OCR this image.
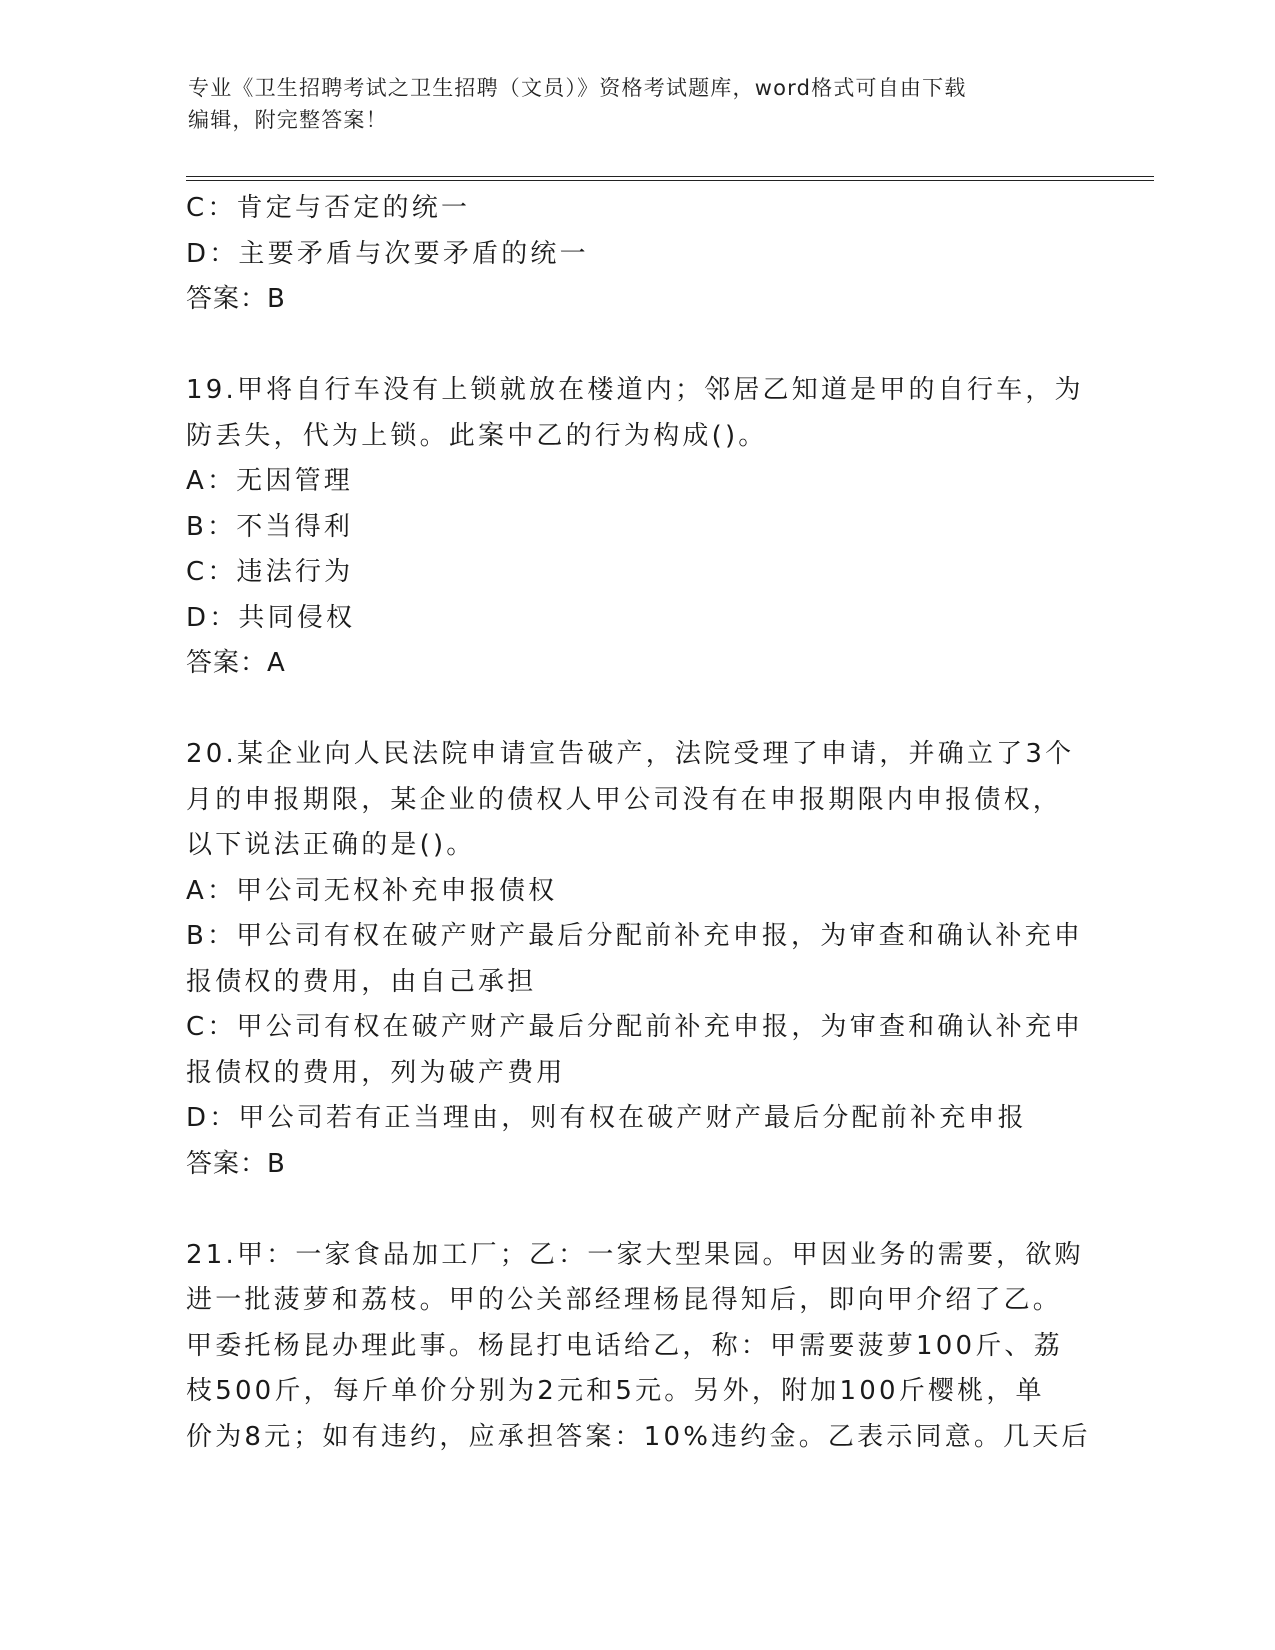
专业《卫生招聘考试之卫生招聘（文员）》资格考试题库，word格式可自由下载
编辑，附完整答案！
C：肯定与否定的统一
D：主要矛盾与次要矛盾的统一
答案：B
19.甲将自行车没有上锁就放在楼道内；邻居乙知道是甲的自行车，为
防丢失，代为上锁。此案中乙的行为构成()。
A：无因管理
B：不当得利
C：违法行为
D：共同侵权
答案：A
20.某企业向人民法院申请宣告破产，法院受理了申请，并确立了3个
月的申报期限，某企业的债权人甲公司没有在申报期限内申报债权，
以下说法正确的是()。
A：甲公司无权补充申报债权
B：甲公司有权在破产财产最后分配前补充申报，为审查和确认补充申
报债权的费用，由自己承担
C：甲公司有权在破产财产最后分配前补充申报，为审查和确认补充申
报债权的费用，列为破产费用
D：甲公司若有正当理由，则有权在破产财产最后分配前补充申报
答案：B
21.甲：一家食品加工厂；乙：一家大型果园。甲因业务的需要，欲购
进一批菠萝和荔枝。甲的公关部经理杨昆得知后，即向甲介绍了乙。
甲委托杨昆办理此事。杨昆打电话给乙，称：甲需要菠萝100斤、荔
枝500斤，每斤单价分别为2元和5元。另外，附加100斤樱桃，单
价为8元；如有违约，应承担答案：10%违约金。乙表示同意。几天后
